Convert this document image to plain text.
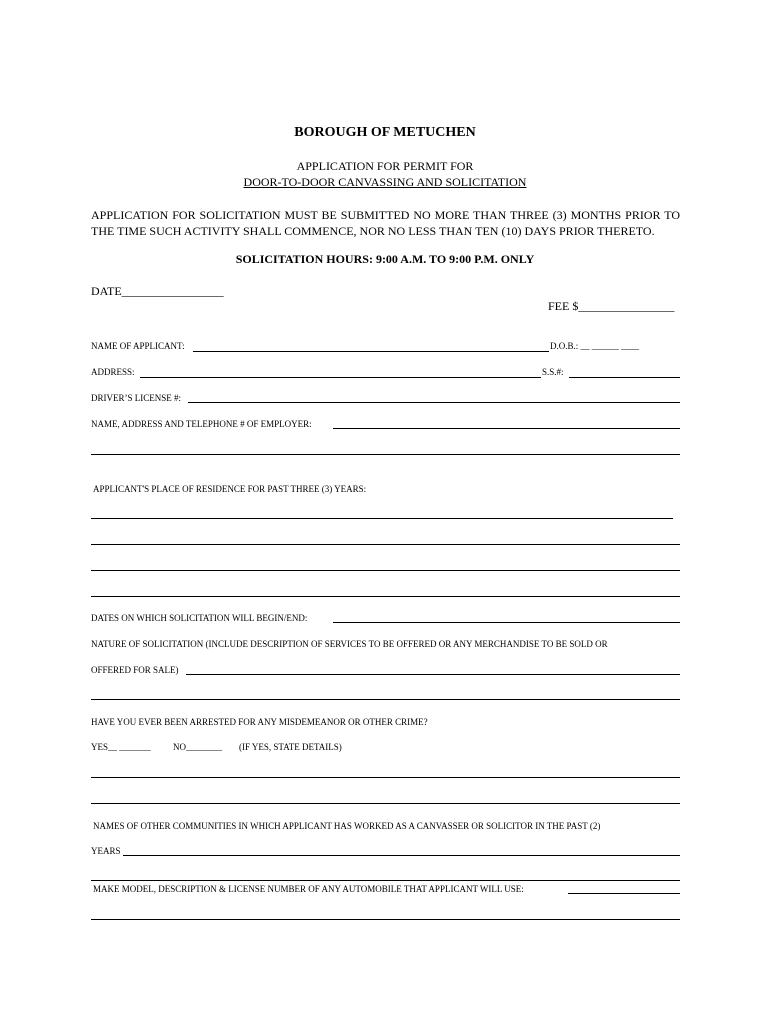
BOROUGH OF METUCHEN
APPLICATION FOR PERMIT FOR
DOOR-TO-DOOR CANVASSING AND SOLICITATION
APPLICATION FOR SOLICITATION MUST BE SUBMITTED NO MORE THAN THREE (3) MONTHS PRIOR TO THE TIME SUCH ACTIVITY SHALL COMMENCE, NOR NO LESS THAN TEN (10) DAYS PRIOR THERETO.
SOLICITATION HOURS: 9:00 A.M. TO 9:00 P.M. ONLY
DATE_________________
FEE $________________
NAME OF APPLICANT:	D.O.B.: __ ______ ____
ADDRESS:	S.S.#:
DRIVER’S LICENSE #:
NAME, ADDRESS AND TELEPHONE # OF EMPLOYER:
APPLICANT'S PLACE OF RESIDENCE FOR PAST THREE (3) YEARS:
DATES ON WHICH SOLICITATION WILL BEGIN/END:
NATURE OF SOLICITATION (INCLUDE DESCRIPTION OF SERVICES TO BE OFFERED OR ANY MERCHANDISE TO BE SOLD OR
OFFERED FOR SALE)
HAVE YOU EVER BEEN ARRESTED FOR ANY MISDEMEANOR OR OTHER CRIME?
YES__ _______ NO________ (IF YES, STATE DETAILS)
NAMES OF OTHER COMMUNITIES IN WHICH APPLICANT HAS WORKED AS A CANVASSER OR SOLICITOR IN THE PAST (2)
YEARS
MAKE MODEL, DESCRIPTION & LICENSE NUMBER OF ANY AUTOMOBILE THAT APPLICANT WILL USE:
